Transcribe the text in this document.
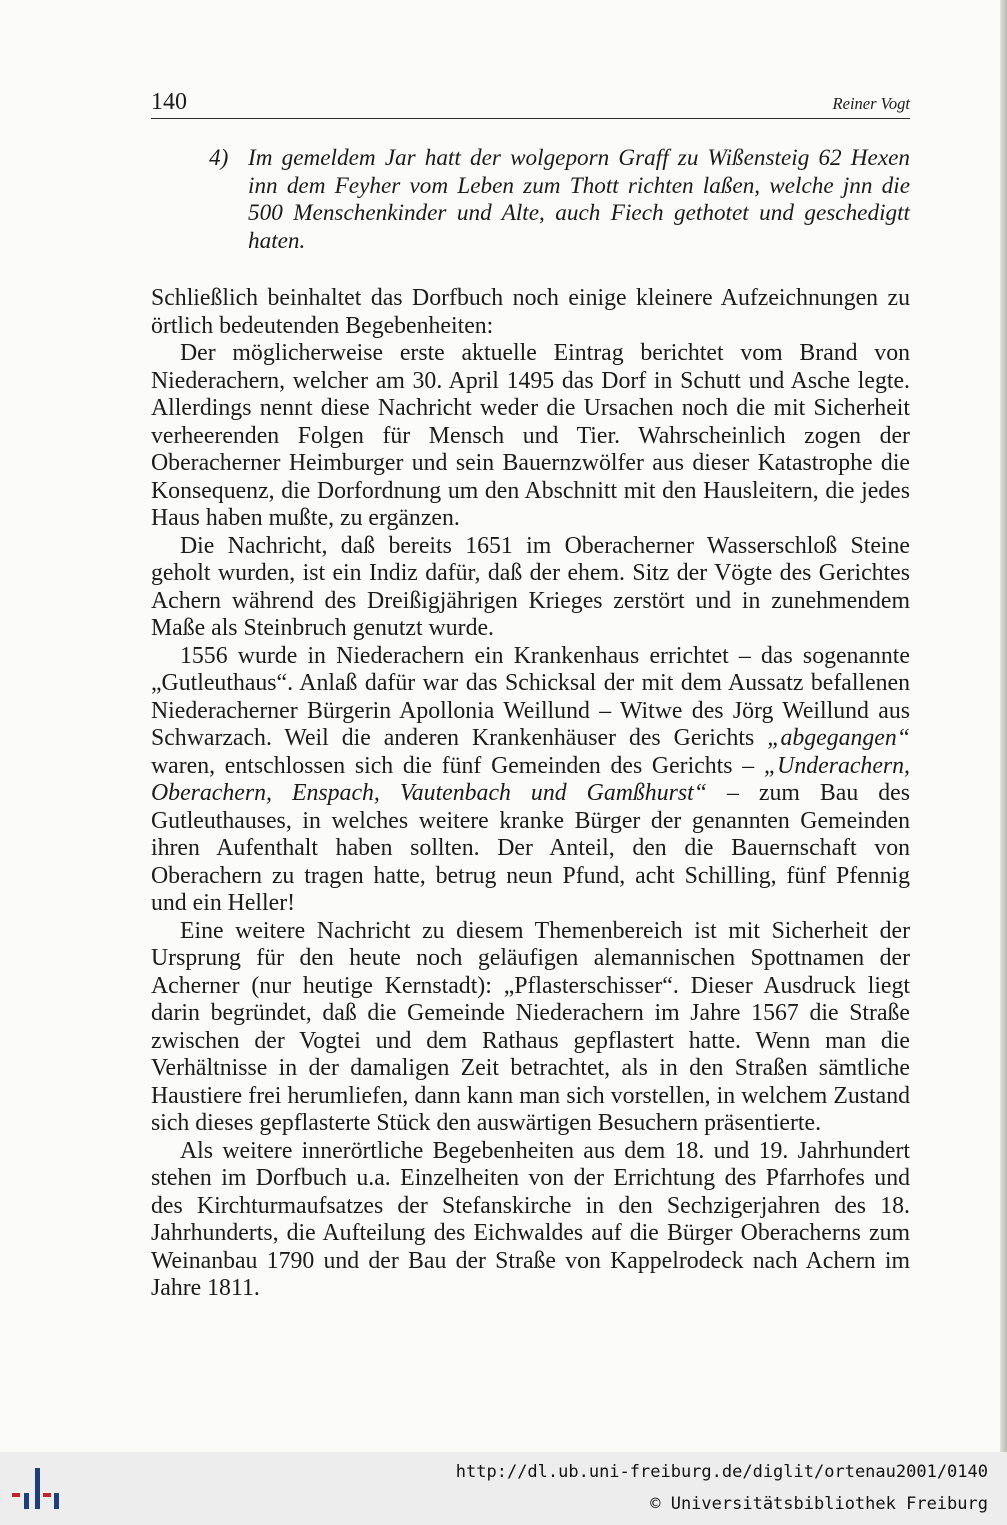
140	Reiner Vogt
4) Im gemeldem Jar hatt der wolgeporn Graff zu Wißensteig 62 Hexen inn dem Feyher vom Leben zum Thott richten laßen, welche jnn die 500 Menschenkinder und Alte, auch Fiech gethotet und geschedigtt haten.

Schließlich beinhaltet das Dorfbuch noch einige kleinere Aufzeichnungen zu örtlich bedeutenden Begebenheiten:

Der möglicherweise erste aktuelle Eintrag berichtet vom Brand von Niederachern, welcher am 30. April 1495 das Dorf in Schutt und Asche legte. Allerdings nennt diese Nachricht weder die Ursachen noch die mit Sicherheit verheerenden Folgen für Mensch und Tier. Wahrscheinlich zogen der Oberacherner Heimburger und sein Bauernzwölfer aus dieser Katastrophe die Konsequenz, die Dorfordnung um den Abschnitt mit den Hausleitern, die jedes Haus haben mußte, zu ergänzen.

Die Nachricht, daß bereits 1651 im Oberacherner Wasserschloß Steine geholt wurden, ist ein Indiz dafür, daß der ehem. Sitz der Vögte des Gerichtes Achern während des Dreißigjährigen Krieges zerstört und in zunehmendem Maße als Steinbruch genutzt wurde.

1556 wurde in Niederachern ein Krankenhaus errichtet – das sogenannte „Gutleuthaus“. Anlaß dafür war das Schicksal der mit dem Aussatz befallenen Niederacherner Bürgerin Apollonia Weillund – Witwe des Jörg Weillund aus Schwarzach. Weil die anderen Krankenhäuser des Gerichts „abgegangen“ waren, entschlossen sich die fünf Gemeinden des Gerichts – „Underachern, Oberachern, Enspach, Vautenbach und Gamßhurst“ – zum Bau des Gutleuthauses, in welches weitere kranke Bürger der genannten Gemeinden ihren Aufenthalt haben sollten. Der Anteil, den die Bauernschaft von Oberachern zu tragen hatte, betrug neun Pfund, acht Schilling, fünf Pfennig und ein Heller!

Eine weitere Nachricht zu diesem Themenbereich ist mit Sicherheit der Ursprung für den heute noch geläufigen alemannischen Spottnamen der Acherner (nur heutige Kernstadt): „Pflasterschisser“. Dieser Ausdruck liegt darin begründet, daß die Gemeinde Niederachern im Jahre 1567 die Straße zwischen der Vogtei und dem Rathaus gepflastert hatte. Wenn man die Verhältnisse in der damaligen Zeit betrachtet, als in den Straßen sämtliche Haustiere frei herumliefen, dann kann man sich vorstellen, in welchem Zustand sich dieses gepflasterte Stück den auswärtigen Besuchern präsentierte.

Als weitere innerörtliche Begebenheiten aus dem 18. und 19. Jahrhundert stehen im Dorfbuch u.a. Einzelheiten von der Errichtung des Pfarrhofes und des Kirchturmaufsatzes der Stefanskirche in den Sechzigerjahren des 18. Jahrhunderts, die Aufteilung des Eichwaldes auf die Bürger Oberacherns zum Weinanbau 1790 und der Bau der Straße von Kappelrodeck nach Achern im Jahre 1811.

http://dl.ub.uni-freiburg.de/diglit/ortenau2001/0140
© Universitätsbibliothek Freiburg
